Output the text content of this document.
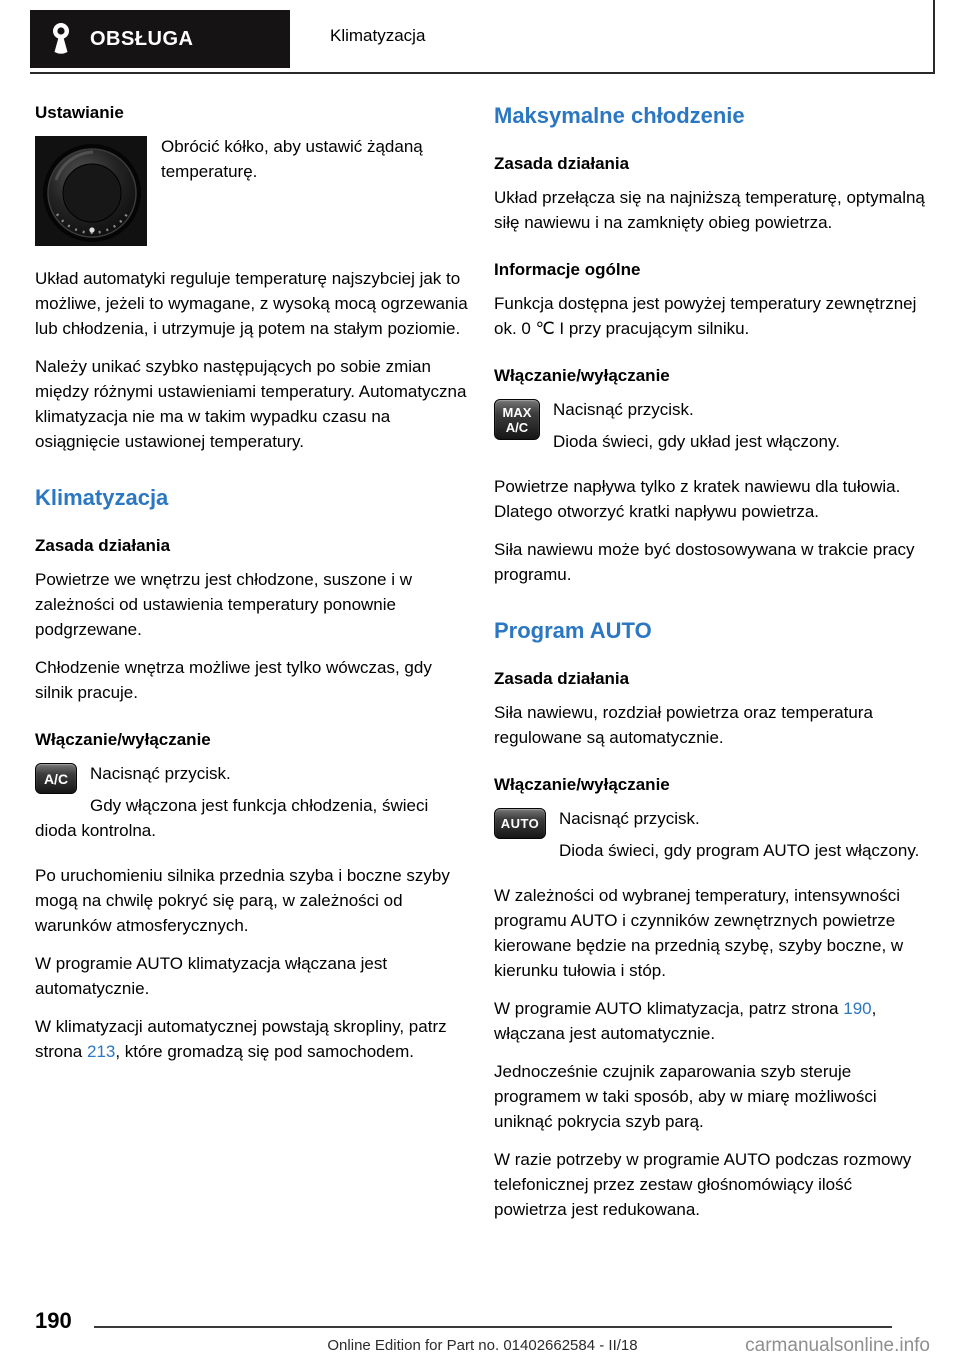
OBSŁUGA	Klimatyzacja
Ustawianie

Obrócić kółko, aby ustawić żądaną temperaturę.

Układ automatyki reguluje temperaturę najszybciej jak to możliwe, jeżeli to wymagane, z wysoką mocą ogrzewania lub chłodzenia, i utrzymuje ją potem na stałym poziomie.

Należy unikać szybko następujących po sobie zmian między różnymi ustawieniami temperatury. Automatyczna klimatyzacja nie ma w takim wypadku czasu na osiągnięcie ustawionej temperatury.

Klimatyzacja
Zasada działania

Powietrze we wnętrzu jest chłodzone, suszone i w zależności od ustawienia temperatury ponownie podgrzewane.

Chłodzenie wnętrza możliwe jest tylko wówczas, gdy silnik pracuje.

Włączanie/wyłączanie
A/C	Nacisnąć przycisk.

Gdy włączona jest funkcja chłodzenia, świeci dioda kontrolna.

Po uruchomieniu silnika przednia szyba i boczne szyby mogą na chwilę pokryć się parą, w zależności od warunków atmosferycznych.

W programie AUTO klimatyzacja włączana jest automatycznie.

W klimatyzacji automatycznej powstają skropliny, patrz strona 213, które gromadzą się pod samochodem.

Maksymalne chłodzenie
Zasada działania

Układ przełącza się na najniższą temperaturę, optymalną siłę nawiewu i na zamknięty obieg powietrza.

Informacje ogólne

Funkcja dostępna jest powyżej temperatury zewnętrznej ok. 0 ℃ I przy pracującym silniku.

Włączanie/wyłączanie
MAX
A/C

Nacisnąć przycisk.

Dioda świeci, gdy układ jest włączony.

Powietrze napływa tylko z kratek nawiewu dla tułowia. Dlatego otworzyć kratki napływu powietrza.

Siła nawiewu może być dostosowywana w trakcie pracy programu.

Program AUTO
Zasada działania

Siła nawiewu, rozdział powietrza oraz temperatura regulowane są automatycznie.

Włączanie/wyłączanie
AUTO	Nacisnąć przycisk.

Dioda świeci, gdy program AUTO jest włączony.

W zależności od wybranej temperatury, intensywności programu AUTO i czynników zewnętrznych powietrze kierowane będzie na przednią szybę, szyby boczne, w kierunku tułowia i stóp.

W programie AUTO klimatyzacja, patrz strona 190, włączana jest automatycznie.

Jednocześnie czujnik zaparowania szyb steruje programem w taki sposób, aby w miarę możliwości uniknąć pokrycia szyb parą.

W razie potrzeby w programie AUTO podczas rozmowy telefonicznej przez zestaw głośnomówiący ilość powietrza jest redukowana.

190
Online Edition for Part no. 01402662584 - II/18	carmanualsonline.info
